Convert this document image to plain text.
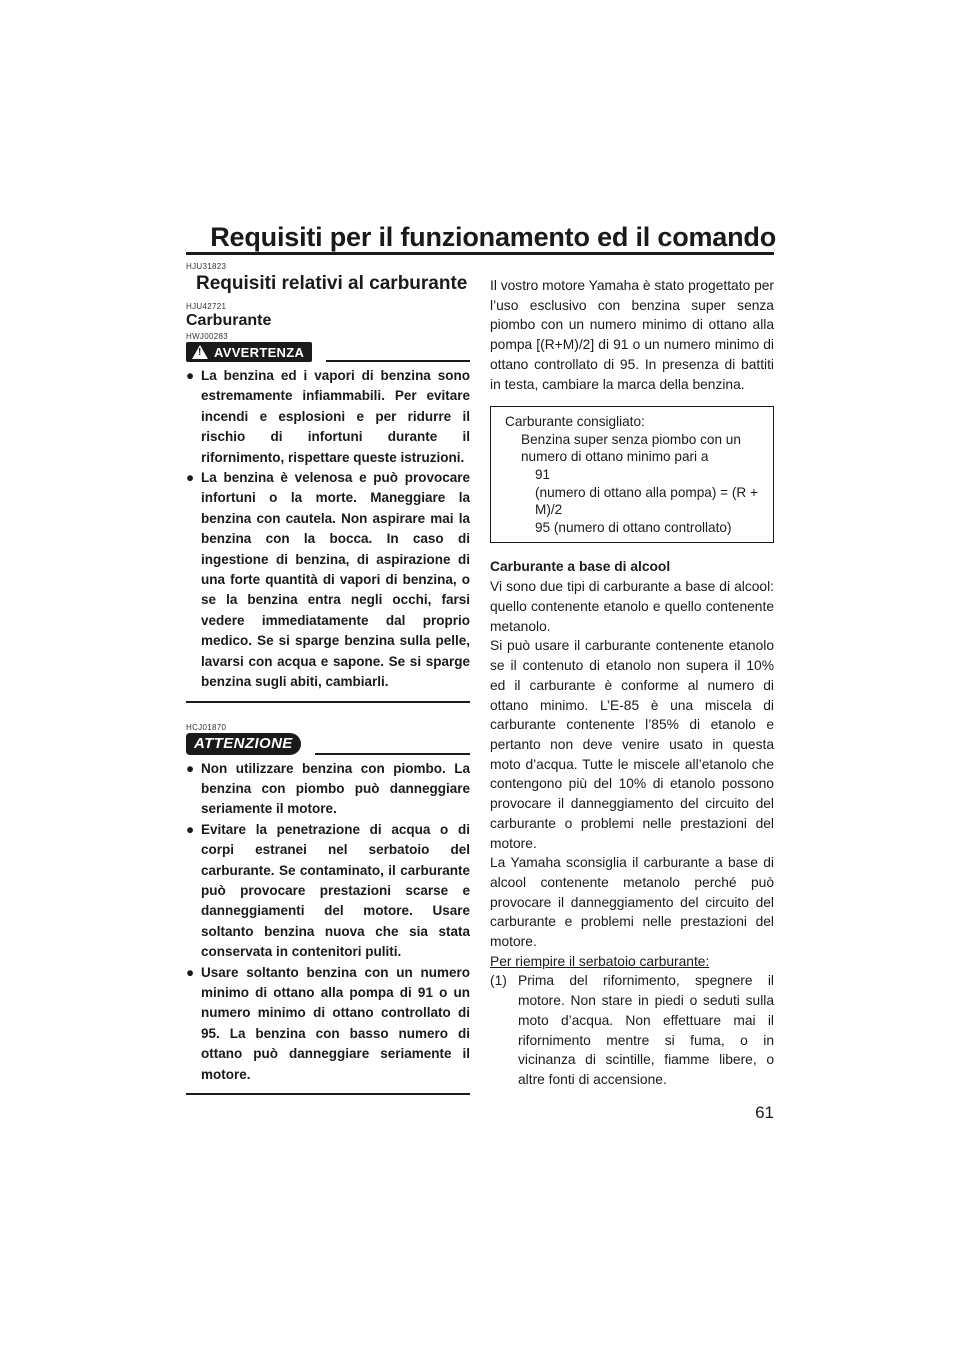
Requisiti per il funzionamento ed il comando
HJU31823
Requisiti relativi al carburante
HJU42721
Carburante
HWJ00283
!
AVVERTENZA
● La benzina ed i vapori di benzina sono estremamente infiammabili. Per evitare incendi e esplosioni e per ridurre il rischio di infortuni durante il rifornimento, rispettare queste istruzioni.
● La benzina è velenosa e può provocare infortuni o la morte. Maneggiare la benzina con cautela. Non aspirare mai la benzina con la bocca. In caso di ingestione di benzina, di aspirazione di una forte quantità di vapori di benzina, o se la benzina entra negli occhi, farsi vedere immediatamente dal proprio medico. Se si sparge benzina sulla pelle, lavarsi con acqua e sapone. Se si sparge benzina sugli abiti, cambiarli.
HCJ01870
ATTENZIONE
● Non utilizzare benzina con piombo. La benzina con piombo può danneggiare seriamente il motore.
● Evitare la penetrazione di acqua o di corpi estranei nel serbatoio del carburante. Se contaminato, il carburante può provocare prestazioni scarse e danneggiamenti del motore. Usare soltanto benzina nuova che sia stata conservata in contenitori puliti.
● Usare soltanto benzina con un numero minimo di ottano alla pompa di 91 o un numero minimo di ottano controllato di 95. La benzina con basso numero di ottano può danneggiare seriamente il motore.

Il vostro motore Yamaha è stato progettato per l’uso esclusivo con benzina super senza piombo con un numero minimo di ottano alla pompa [(R+M)/2] di 91 o un numero minimo di ottano controllato di 95. In presenza di battiti in testa, cambiare la marca della benzina.

Carburante consigliato:
Benzina super senza piombo con un numero di ottano minimo pari a
91
(numero di ottano alla pompa) = (R + M)/2
95 (numero di ottano controllato)
Carburante a base di alcool

Vi sono due tipi di carburante a base di alcool: quello contenente etanolo e quello contenente metanolo.

Si può usare il carburante contenente etanolo se il contenuto di etanolo non supera il 10% ed il carburante è conforme al numero di ottano minimo. L’E-85 è una miscela di carburante contenente l’85% di etanolo e pertanto non deve venire usato in questa moto d’acqua. Tutte le miscele all’etanolo che contengono più del 10% di etanolo possono provocare il danneggiamento del circuito del carburante o problemi nelle prestazioni del motore.

La Yamaha sconsiglia il carburante a base di alcool contenente metanolo perché può provocare il danneggiamento del circuito del carburante e problemi nelle prestazioni del motore.

Per riempire il serbatoio carburante:
(1) Prima del rifornimento, spegnere il motore. Non stare in piedi o seduti sulla moto d’acqua. Non effettuare mai il rifornimento mentre si fuma, o in vicinanza di scintille, fiamme libere, o altre fonti di accensione.
61
